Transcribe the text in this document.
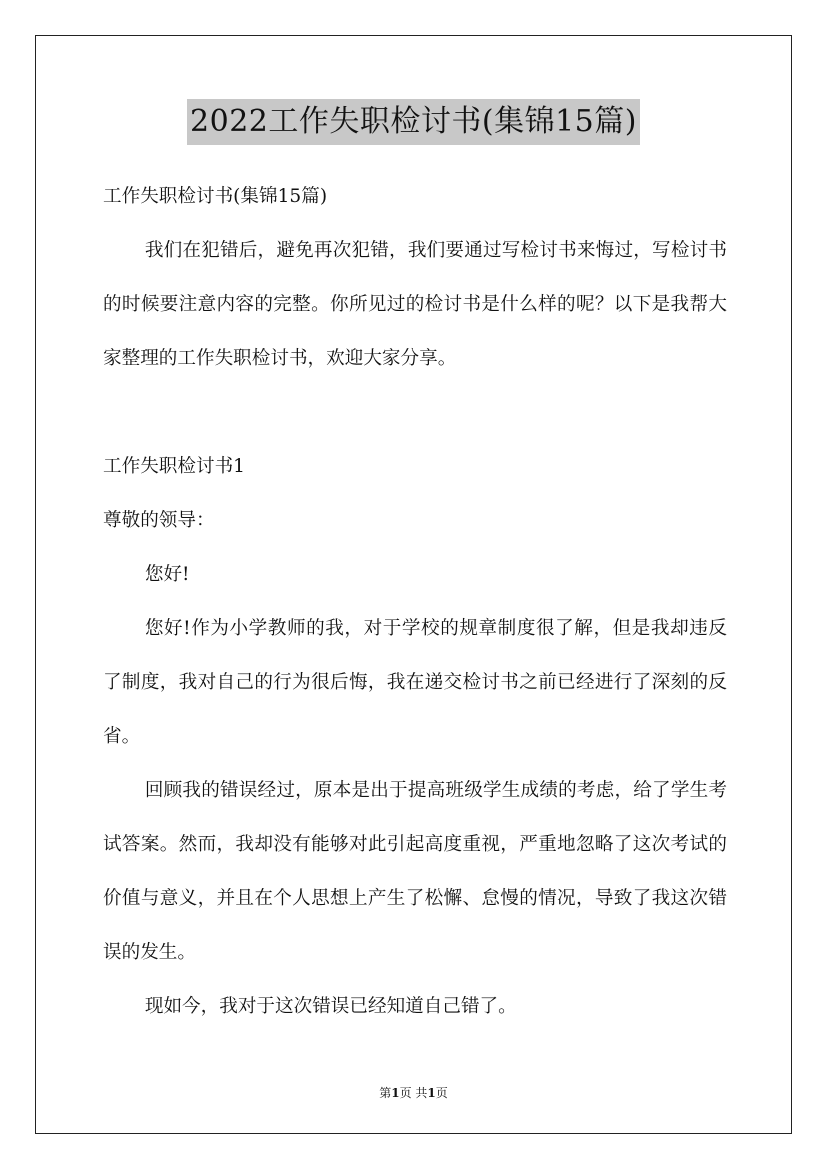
2022工作失职检讨书(集锦15篇)

工作失职检讨书(集锦15篇)

我们在犯错后，避免再次犯错，我们要通过写检讨书来悔过，写检讨书的时候要注意内容的完整。你所见过的检讨书是什么样的呢？以下是我帮大家整理的工作失职检讨书，欢迎大家分享。

工作失职检讨书1

尊敬的领导：

您好!

您好!作为小学教师的我，对于学校的规章制度很了解，但是我却违反了制度，我对自己的行为很后悔，我在递交检讨书之前已经进行了深刻的反省。

回顾我的错误经过，原本是出于提高班级学生成绩的考虑，给了学生考试答案。然而，我却没有能够对此引起高度重视，严重地忽略了这次考试的价值与意义，并且在个人思想上产生了松懈、怠慢的情况，导致了我这次错误的发生。

现如今，我对于这次错误已经知道自己错了。

第1页 共1页
